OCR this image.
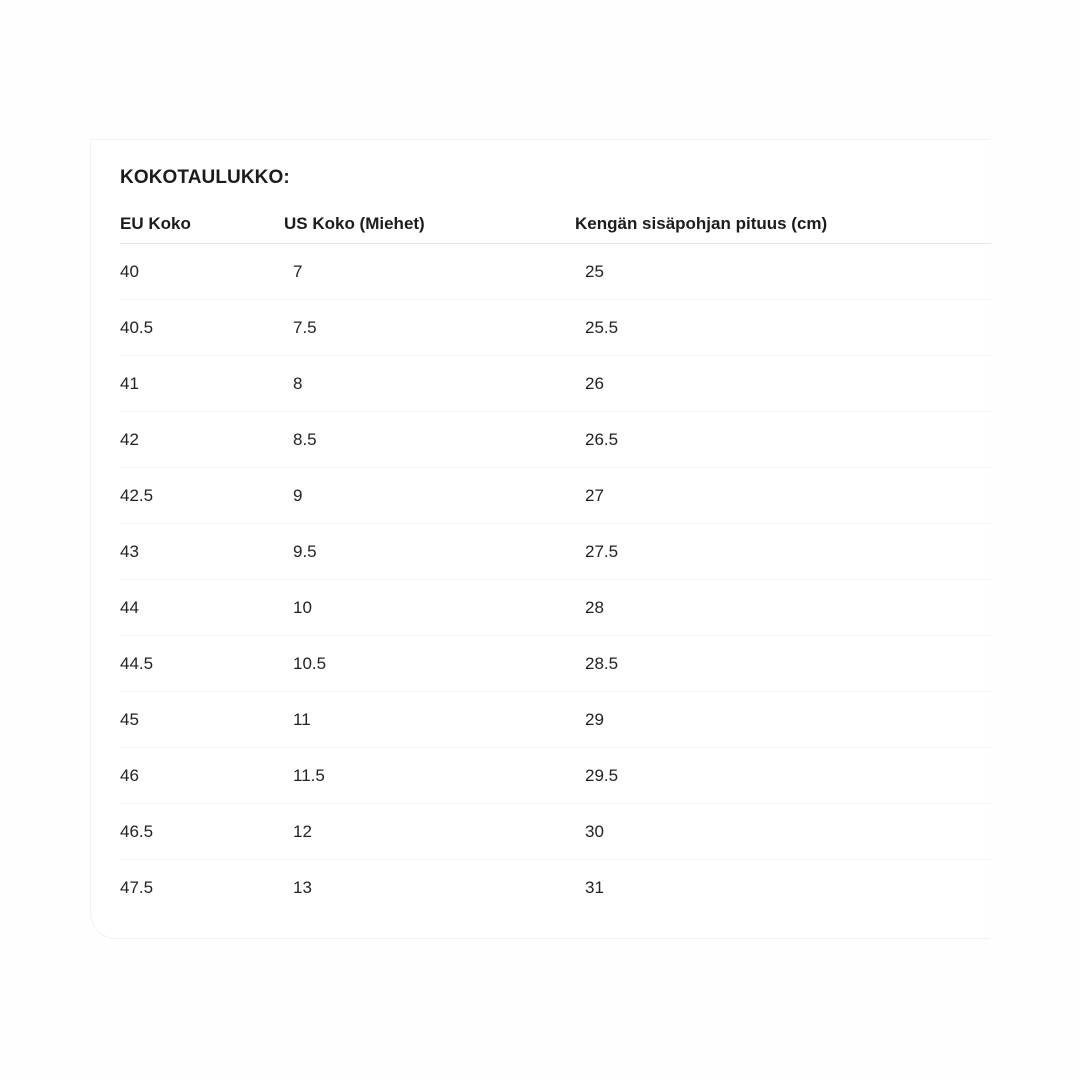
KOKOTAULUKKO:
EU Koko	US Koko (Miehet)	Kengän sisäpohjan pituus (cm)
40	7	25
40.5	7.5	25.5
41	8	26
42	8.5	26.5
42.5	9	27
43	9.5	27.5
44	10	28
44.5	10.5	28.5
45	11	29
46	11.5	29.5
46.5	12	30
47.5	13	31
